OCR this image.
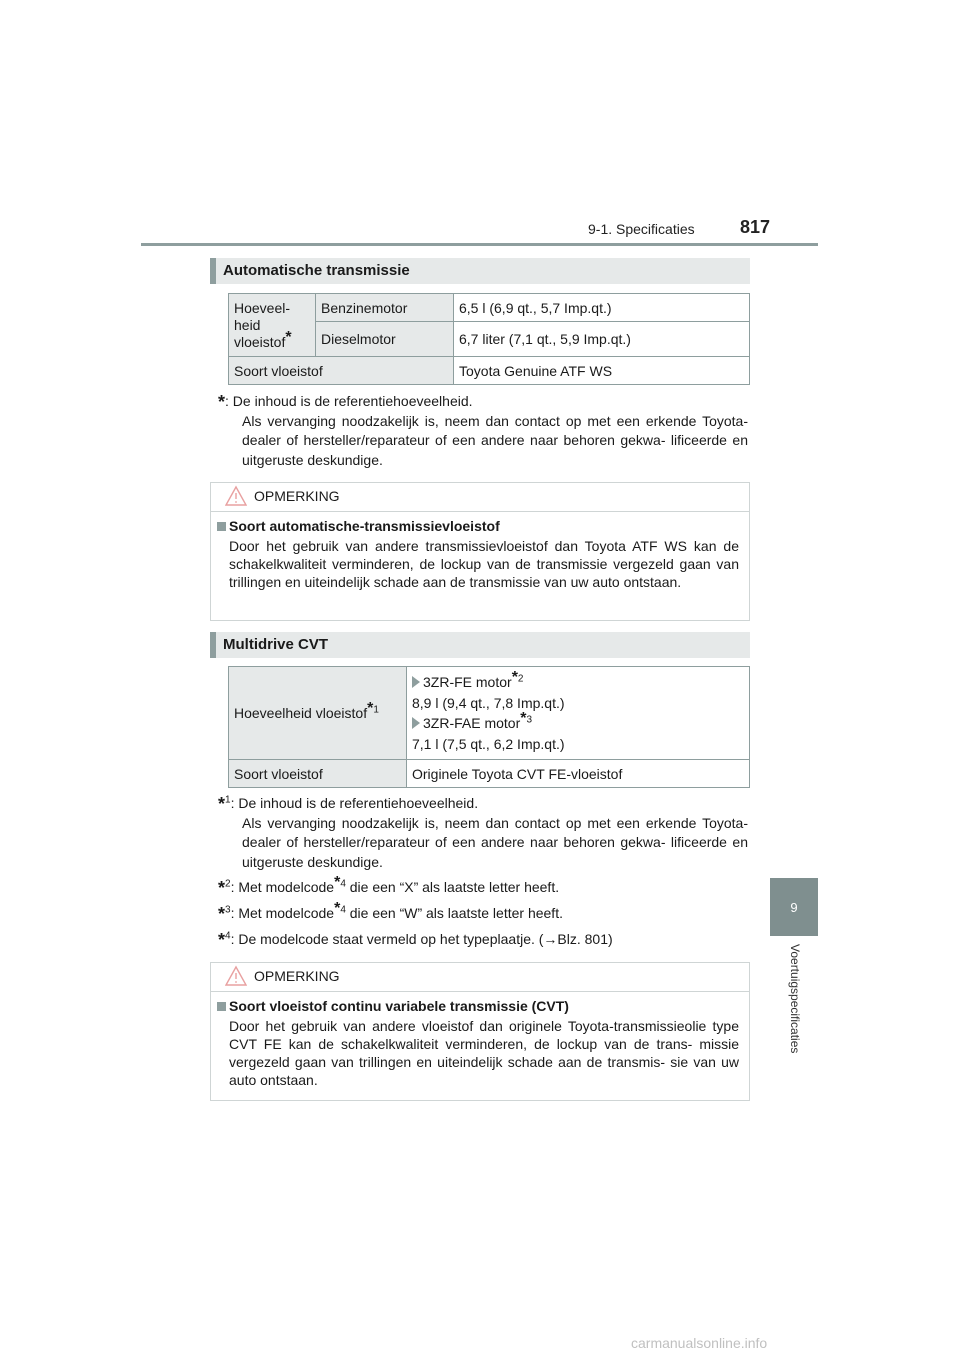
9-1. Specificaties	817
9
Voertuigspecificaties
Automatische transmissie
Hoeveel- heid vloeistof*	Benzinemotor	6,5 l (6,9 qt., 5,7 Imp.qt.)
	Dieselmotor	6,7 liter (7,1 qt., 5,9 Imp.qt.)
Soort vloeistof		Toyota Genuine ATF WS
*: De inhoud is de referentiehoeveelheid.
Als vervanging noodzakelijk is, neem dan contact op met een erkende Toyota-dealer of hersteller/reparateur of een andere naar behoren gekwa- lificeerde en uitgeruste deskundige.
OPMERKING
Soort automatische-transmissievloeistof
Door het gebruik van andere transmissievloeistof dan Toyota ATF WS kan de schakelkwaliteit verminderen, de lockup van de transmissie vergezeld gaan van trillingen en uiteindelijk schade aan de transmissie van uw auto ontstaan.
Multidrive CVT
Hoeveelheid vloeistof*$^1$	3ZR-FE motor*$^2$
8,9 l (9,4 qt., 7,8 Imp.qt.)
3ZR-FAE motor*$^3$
7,1 l (7,5 qt., 6,2 Imp.qt.)

Soort vloeistof	Originele Toyota CVT FE-vloeistof
*$^1$: De inhoud is de referentiehoeveelheid.
Als vervanging noodzakelijk is, neem dan contact op met een erkende Toyota-dealer of hersteller/reparateur of een andere naar behoren gekwa- lificeerde en uitgeruste deskundige.
*$^2$: Met modelcode*$^4$ die een “X” als laatste letter heeft.
*$^3$: Met modelcode*$^4$ die een “W” als laatste letter heeft.
*$^4$: De modelcode staat vermeld op het typeplaatje. (→Blz. 801)
OPMERKING
Soort vloeistof continu variabele transmissie (CVT)
Door het gebruik van andere vloeistof dan originele Toyota-transmissieolie type CVT FE kan de schakelkwaliteit verminderen, de lockup van de trans- missie vergezeld gaan van trillingen en uiteindelijk schade aan de transmis- sie van uw auto ontstaan.
carmanualsonline.info
